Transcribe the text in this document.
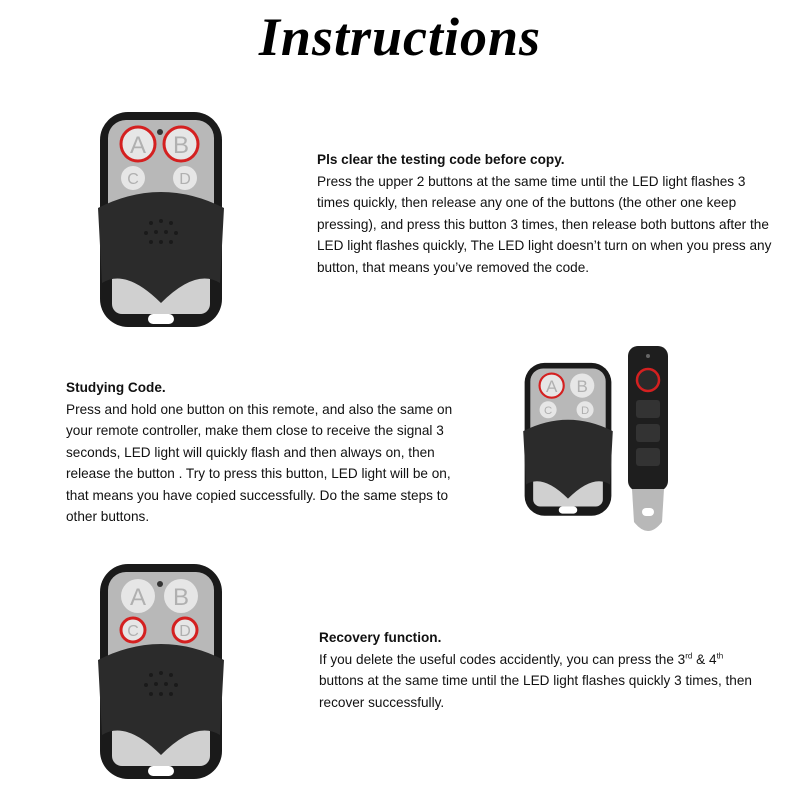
Instructions
A B
C	D
A B
C D
A B
C	D
Pls clear the testing code before copy.

Press the upper 2 buttons at the same time until the LED light flashes 3 times quickly, then release any one of the buttons (the other one keep pressing), and press this button 3 times, then release both buttons after the LED light flashes quickly, The LED light doesn’t turn on when you press any button, that means you’ve removed the code.

Studying Code.

Press and hold one button on this remote, and also the same on your remote controller, make them close to receive the signal 3 seconds, LED light will quickly flash and then always on, then release the button . Try to press this button, LED light will be on, that means you have copied successfully. Do the same steps to other buttons.

Recovery function.

If you delete the useful codes accidently, you can press the 3rd & 4th buttons at the same time until the LED light flashes quickly 3 times, then recover successfully.
